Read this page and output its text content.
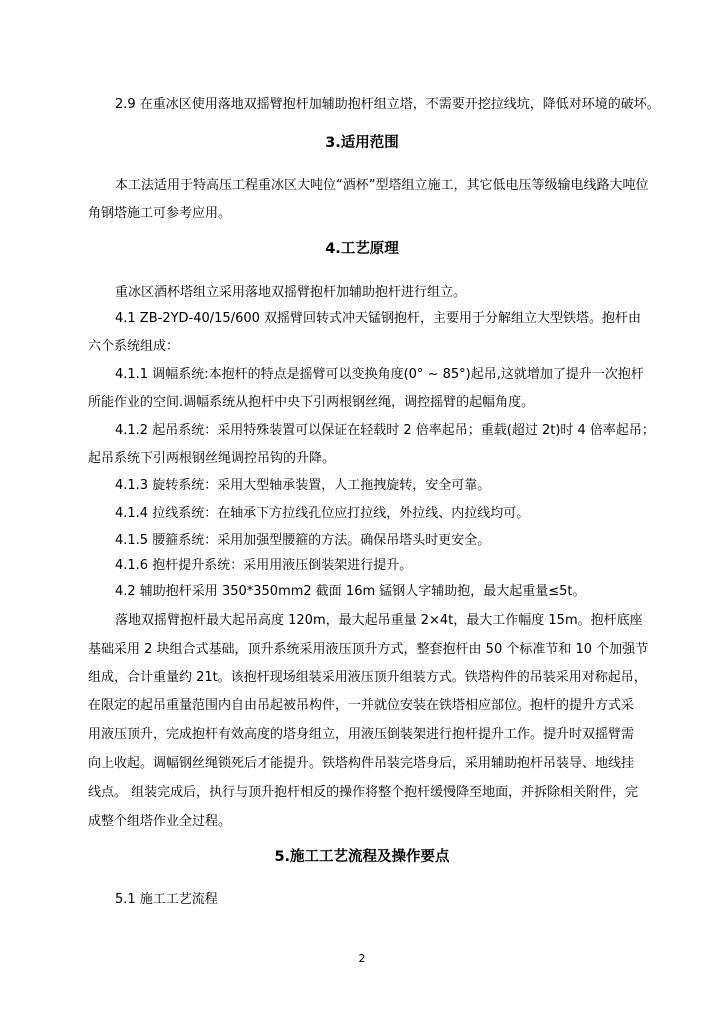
2.9 在重冰区使用落地双摇臂抱杆加辅助抱杆组立塔，不需要开挖拉线坑，降低对环境的破坏。
3.适用范围
本工法适用于特高压工程重冰区大吨位“酒杯”型塔组立施工，其它低电压等级输电线路大吨位
角钢塔施工可参考应用。
4.工艺原理
重冰区酒杯塔组立采用落地双摇臂抱杆加辅助抱杆进行组立。
4.1 ZB-2YD-40/15/600 双摇臂回转式冲天锰钢抱杆，主要用于分解组立大型铁塔。抱杆由
六个系统组成：
4.1.1 调幅系统:本抱杆的特点是摇臂可以变换角度(0° ~ 85°)起吊,这就增加了提升一次抱杆
所能作业的空间.调幅系统从抱杆中央下引两根钢丝绳，调控摇臂的起幅角度。
4.1.2 起吊系统：采用特殊装置可以保证在轻载时 2 倍率起吊；重载(超过 2t)时 4 倍率起吊；
起吊系统下引两根钢丝绳调控吊钩的升降。
4.1.3 旋转系统：采用大型轴承装置，人工拖拽旋转，安全可靠。
4.1.4 拉线系统：在轴承下方拉线孔位应打拉线，外拉线、内拉线均可。
4.1.5 腰箍系统：采用加强型腰箍的方法。确保吊塔头时更安全。
4.1.6 抱杆提升系统：采用用液压倒装架进行提升。
4.2 辅助抱杆采用 350*350mm2 截面 16m 锰钢人字辅助抱，最大起重量≤5t。
落地双摇臂抱杆最大起吊高度 120m，最大起吊重量 2×4t，最大工作幅度 15m。抱杆底座
基础采用 2 块组合式基础，顶升系统采用液压顶升方式，整套抱杆由 50 个标准节和 10 个加强节
组成，合计重量约 21t。该抱杆现场组装采用液压顶升组装方式。铁塔构件的吊装采用对称起吊，
在限定的起吊重量范围内自由吊起被吊构件，一并就位安装在铁塔相应部位。抱杆的提升方式采
用液压顶升，完成抱杆有效高度的塔身组立，用液压倒装架进行抱杆提升工作。提升时双摇臂需
向上收起。调幅钢丝绳锁死后才能提升。铁塔构件吊装完塔身后，采用辅助抱杆吊装导、地线挂
线点。 组装完成后，执行与顶升抱杆相反的操作将整个抱杆缓慢降至地面，并拆除相关附件，完
成整个组塔作业全过程。
5.施工工艺流程及操作要点
5.1 施工工艺流程
2
